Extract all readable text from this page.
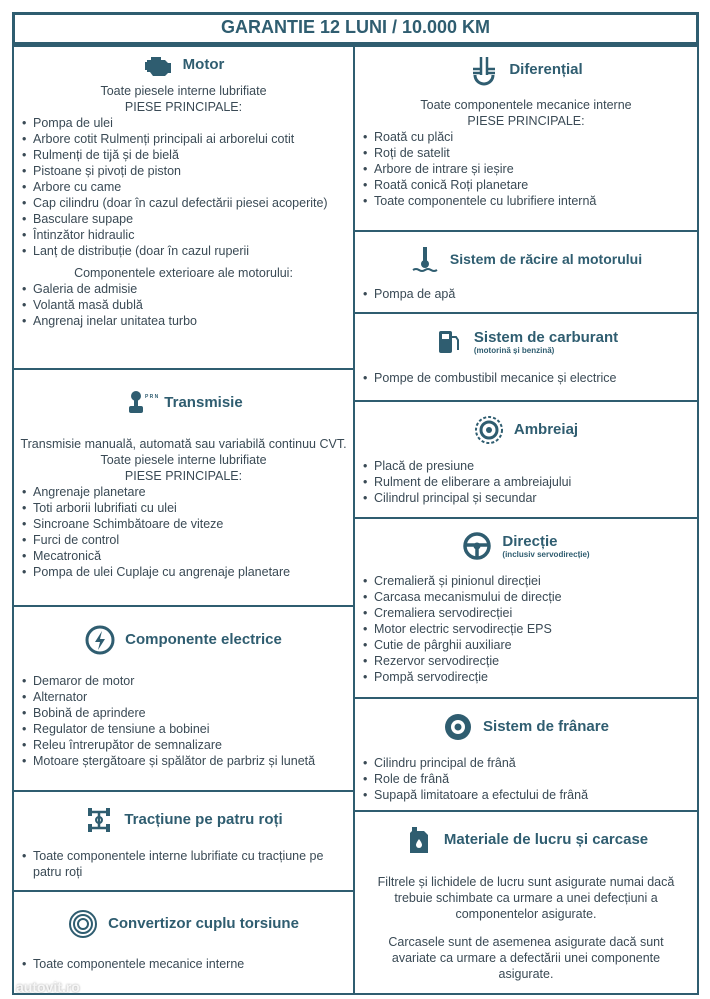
GARANTIE 12 LUNI / 10.000 KM
Motor
Toate piesele interne lubrifiate
PIESE PRINCIPALE:
• Pompa de ulei
• Arbore cotit Rulmenți principali ai arborelui cotit
• Rulmenți de tijă și de bielă
• Pistoane și pivoți de piston
• Arbore cu came
• Cap cilindru (doar în cazul defectării piesei acoperite)
• Basculare supape
• Întinzător hidraulic
• Lanț de distribuție (doar în cazul ruperii
Componentele exterioare ale motorului:
• Galeria de admisie
• Volantă masă dublă
• Angrenaj inelar unitatea turbo
P R N Transmisie
Transmisie manuală, automată sau variabilă continuu CVT.
Toate piesele interne lubrifiate
PIESE PRINCIPALE:
• Angrenaje planetare
• Toti arborii lubrifiati cu ulei
• Sincroane Schimbătoare de viteze
• Furci de control
• Mecatronică
• Pompa de ulei Cuplaje cu angrenaje planetare
Componente electrice
• Demaror de motor
• Alternator
• Bobină de aprindere
• Regulator de tensiune a bobinei
• Releu întrerupător de semnalizare
• Motoare ștergătoare și spălător de parbriz și lunetă
Tracțiune pe patru roți
• Toate componentele interne lubrifiate cu tracțiune pe patru roți
Convertizor cuplu torsiune
• Toate componentele mecanice interne
Diferențial
Toate componentele mecanice interne
PIESE PRINCIPALE:
• Roată cu plăci
• Roți de satelit
• Arbore de intrare și ieșire
• Roată conică Roți planetare
• Toate componentele cu lubrifiere internă
Sistem de răcire al motorului
• Pompa de apă
Sistem de carburant
(motorină și benzină)
• Pompe de combustibil mecanice și electrice
Ambreiaj
• Placă de presiune
• Rulment de eliberare a ambreiajului
• Cilindrul principal și secundar
Direcție
(inclusiv servodirecție)
• Cremalieră și pinionul direcției
• Carcasa mecanismului de direcție
• Cremaliera servodirecției
• Motor electric servodirecție EPS
• Cutie de pârghii auxiliare
• Rezervor servodirecție
• Pompă servodirecție
Sistem de frânare
• Cilindru principal de frână
• Role de frână
• Supapă limitatoare a efectului de frână
Materiale de lucru și carcase
Filtrele și lichidele de lucru sunt asigurate numai dacă trebuie schimbate ca urmare a unei defecțiuni a componentelor asigurate.
Carcasele sunt de asemenea asigurate dacă sunt avariate ca urmare a defectării unei componente asigurate.
autovit.ro
